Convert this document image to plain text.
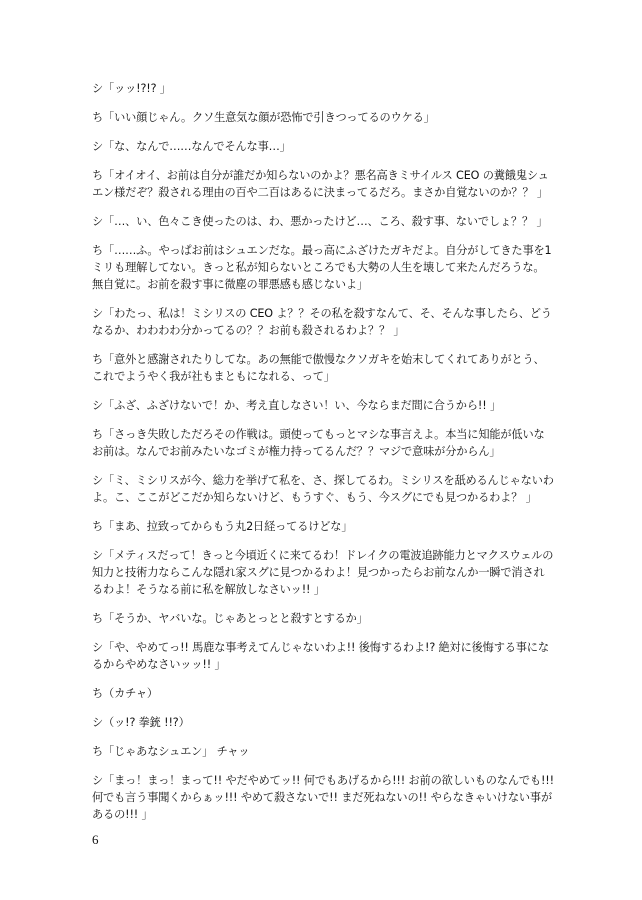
シ「ッッ!?!? 」

ち「いい顔じゃん。クソ生意気な顔が恐怖で引きつってるのウケる」

シ「な、なんで……なんでそんな事…」

ち「オイオイ、お前は自分が誰だか知らないのかよ？悪名高きミサイルス CEO の糞餓鬼シュエン様だぞ？殺される理由の百や二百はあるに決まってるだろ。まさか自覚ないのか？？ 」

シ「…、い、色々こき使ったのは、わ、悪かったけど…、ころ、殺す事、ないでしょ？？ 」

ち「……ふ。やっぱお前はシュエンだな。最っ高にふざけたガキだよ。自分がしてきた事を1ミリも理解してない。きっと私が知らないところでも大勢の人生を壊して来たんだろうな。無自覚に。お前を殺す事に微塵の罪悪感も感じないよ」

シ「わたっ、私は！ミシリスの CEO よ？？その私を殺すなんて、そ、そんな事したら、どうなるか、わわわわ分かってるの？？お前も殺されるわよ？？ 」

ち「意外と感謝されたりしてな。あの無能で傲慢なクソガキを始末してくれてありがとう、これでようやく我が社もまともになれる、って」

シ「ふざ、ふざけないで！か、考え直しなさい！い、今ならまだ間に合うから!! 」

ち「さっき失敗しただろその作戦は。頭使ってもっとマシな事言えよ。本当に知能が低いなお前は。なんでお前みたいなゴミが権力持ってるんだ？？マジで意味が分からん」

シ「ミ、ミシリスが今、総力を挙げて私を、さ、探してるわ。ミシリスを舐めるんじゃないわよ。こ、ここがどこだか知らないけど、もうすぐ、もう、今スグにでも見つかるわよ？ 」

ち「まあ、拉致ってからもう丸2日経ってるけどな」

シ「メティスだって！きっと今頃近くに来てるわ！ドレイクの電波追跡能力とマクスウェルの知力と技術力ならこんな隠れ家スグに見つかるわよ！見つかったらお前なんか一瞬で消されるわよ！そうなる前に私を解放しなさいッ!! 」

ち「そうか、ヤバいな。じゃあとっとと殺すとするか」

シ「や、やめてっ!! 馬鹿な事考えてんじゃないわよ!! 後悔するわよ!? 絶対に後悔する事になるからやめなさいッッ!! 」

ち（カチャ）

シ（ッ!? 拳銃 !!?）

ち「じゃあなシュエン」 チャッ

シ「まっ！まっ！まって!! やだやめてッ!! 何でもあげるから!!! お前の欲しいものなんでも!!! 何でも言う事聞くからぁッ!!! やめて殺さないで!! まだ死ねないの!! やらなきゃいけない事があるの!!! 」

6
